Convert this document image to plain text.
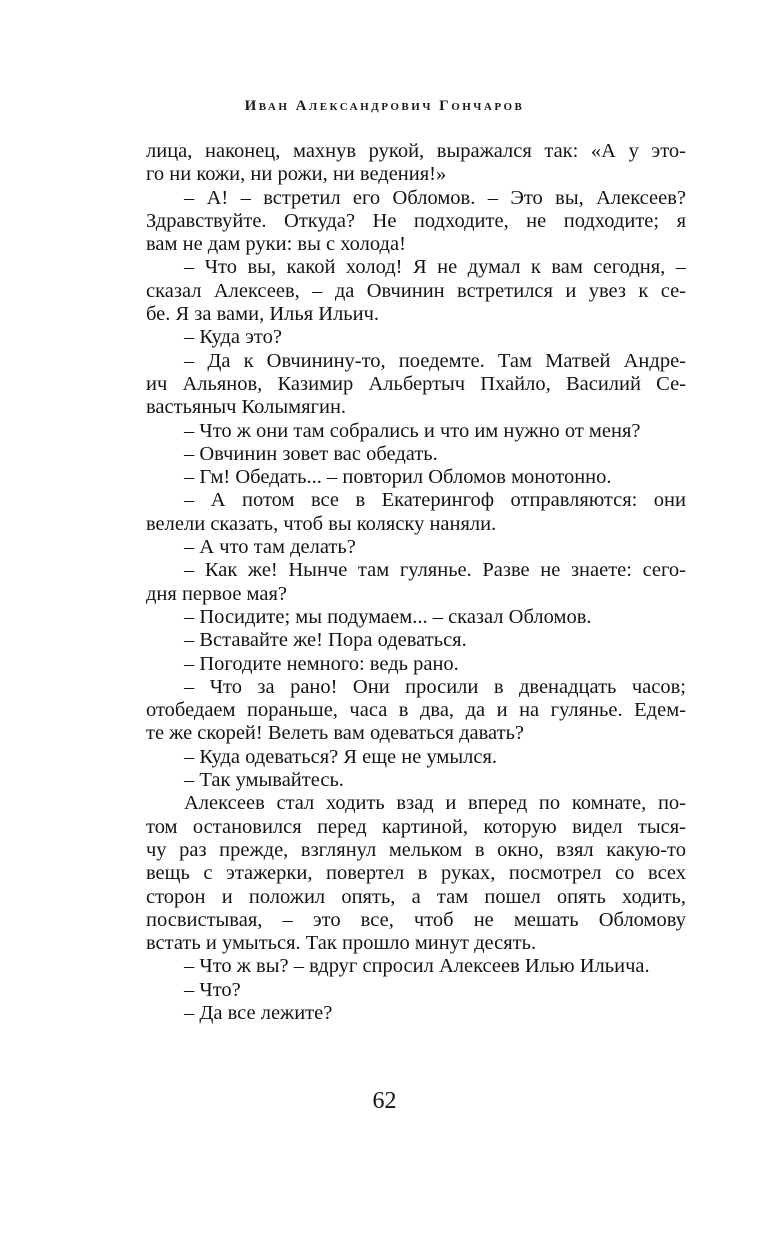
Иван Александрович Гончаров
лица, наконец, махнув рукой, выражался так: «А у это-
го ни кожи, ни рожи, ни ведения!»
– А! – встретил его Обломов. – Это вы, Алексеев?
Здравствуйте. Откуда? Не подходите, не подходите; я
вам не дам руки: вы с холода!
– Что вы, какой холод! Я не думал к вам сегодня, –
сказал Алексеев, – да Овчинин встретился и увез к се-
бе. Я за вами, Илья Ильич.
– Куда это?
– Да к Овчинину-то, поедемте. Там Матвей Андре-
ич Альянов, Казимир Альбертыч Пхайло, Василий Се-
вастьяныч Колымягин.
– Что ж они там собрались и что им нужно от меня?
– Овчинин зовет вас обедать.
– Гм! Обедать... – повторил Обломов монотонно.
– А потом все в Екатерингоф отправляются: они
велели сказать, чтоб вы коляску наняли.
– А что там делать?
– Как же! Нынче там гулянье. Разве не знаете: сего-
дня первое мая?
– Посидите; мы подумаем... – сказал Обломов.
– Вставайте же! Пора одеваться.
– Погодите немного: ведь рано.
– Что за рано! Они просили в двенадцать часов;
отобедаем пораньше, часа в два, да и на гулянье. Едем-
те же скорей! Велеть вам одеваться давать?
– Куда одеваться? Я еще не умылся.
– Так умывайтесь.
Алексеев стал ходить взад и вперед по комнате, по-
том остановился перед картиной, которую видел тыся-
чу раз прежде, взглянул мельком в окно, взял какую-то
вещь с этажерки, повертел в руках, посмотрел со всех
сторон и положил опять, а там пошел опять ходить,
посвистывая, – это все, чтоб не мешать Обломову
встать и умыться. Так прошло минут десять.
– Что ж вы? – вдруг спросил Алексеев Илью Ильича.
– Что?
– Да все лежите?
62
